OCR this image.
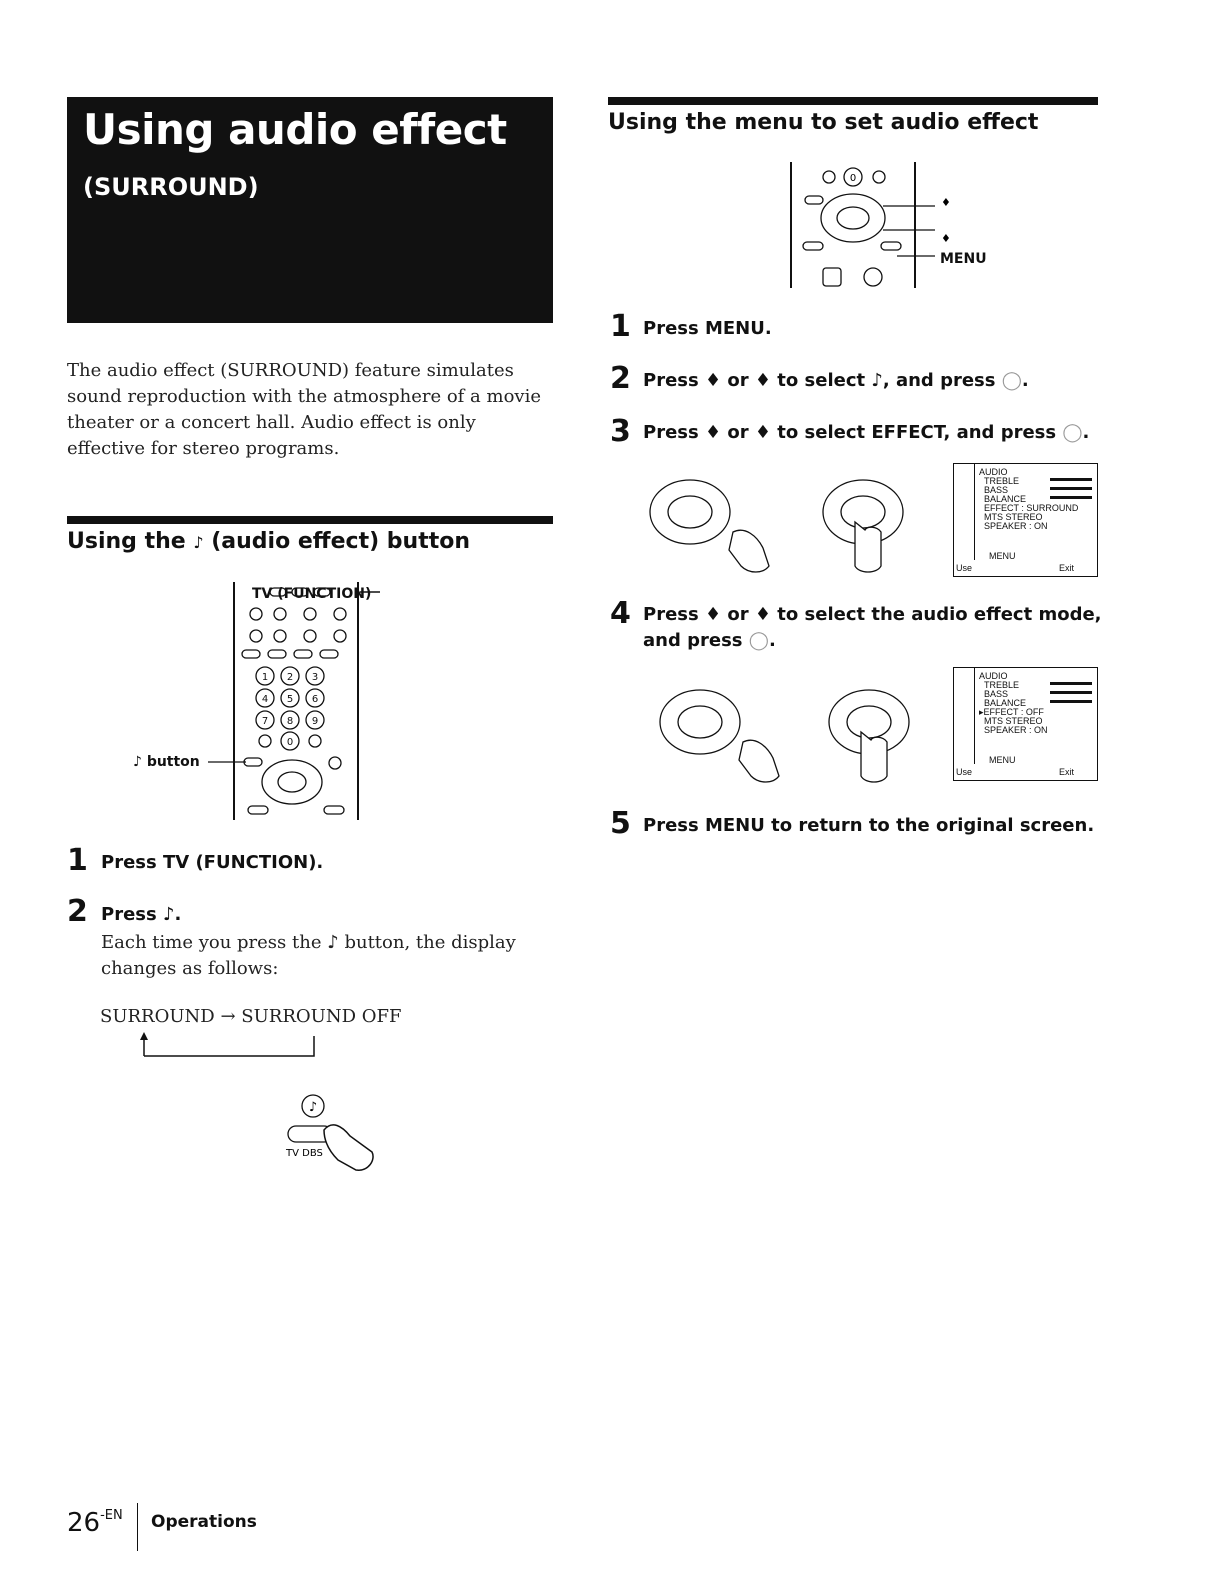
Using audio effect
(SURROUND)
The audio effect (SURROUND) feature simulates sound reproduction with the atmosphere of a movie theater or a concert hall. Audio effect is only effective for stereo programs.
Using the ♪ (audio effect) button
1 2 3
4 5 6
7 8 9
0
TV (FUNCTION)
♪ button
1 Press TV (FUNCTION).
2 Press ♪.
Each time you press the ♪ button, the display changes as follows:
SURROUND → SURROUND OFF
♪
TV DBS
Using the menu to set audio effect
0
♦
♦
MENU
1 Press MENU.
2 Press ♦ or ♦ to select ♪, and press ◯.
3 Press ♦ or ♦ to select EFFECT, and press ◯.
AUDIO
TREBLE
BASS
BALANCE
EFFECT : SURROUND
MTS STEREO
SPEAKER : ON
MENU
Use	Exit
4 Press ♦ or ♦ to select the audio effect mode,
and press ◯.
AUDIO
TREBLE
BASS
BALANCE
▸EFFECT : OFF
MTS STEREO
SPEAKER : ON
MENU
Use	Exit
5 Press MENU to return to the original screen.
$26^{-EN}$ Operations
